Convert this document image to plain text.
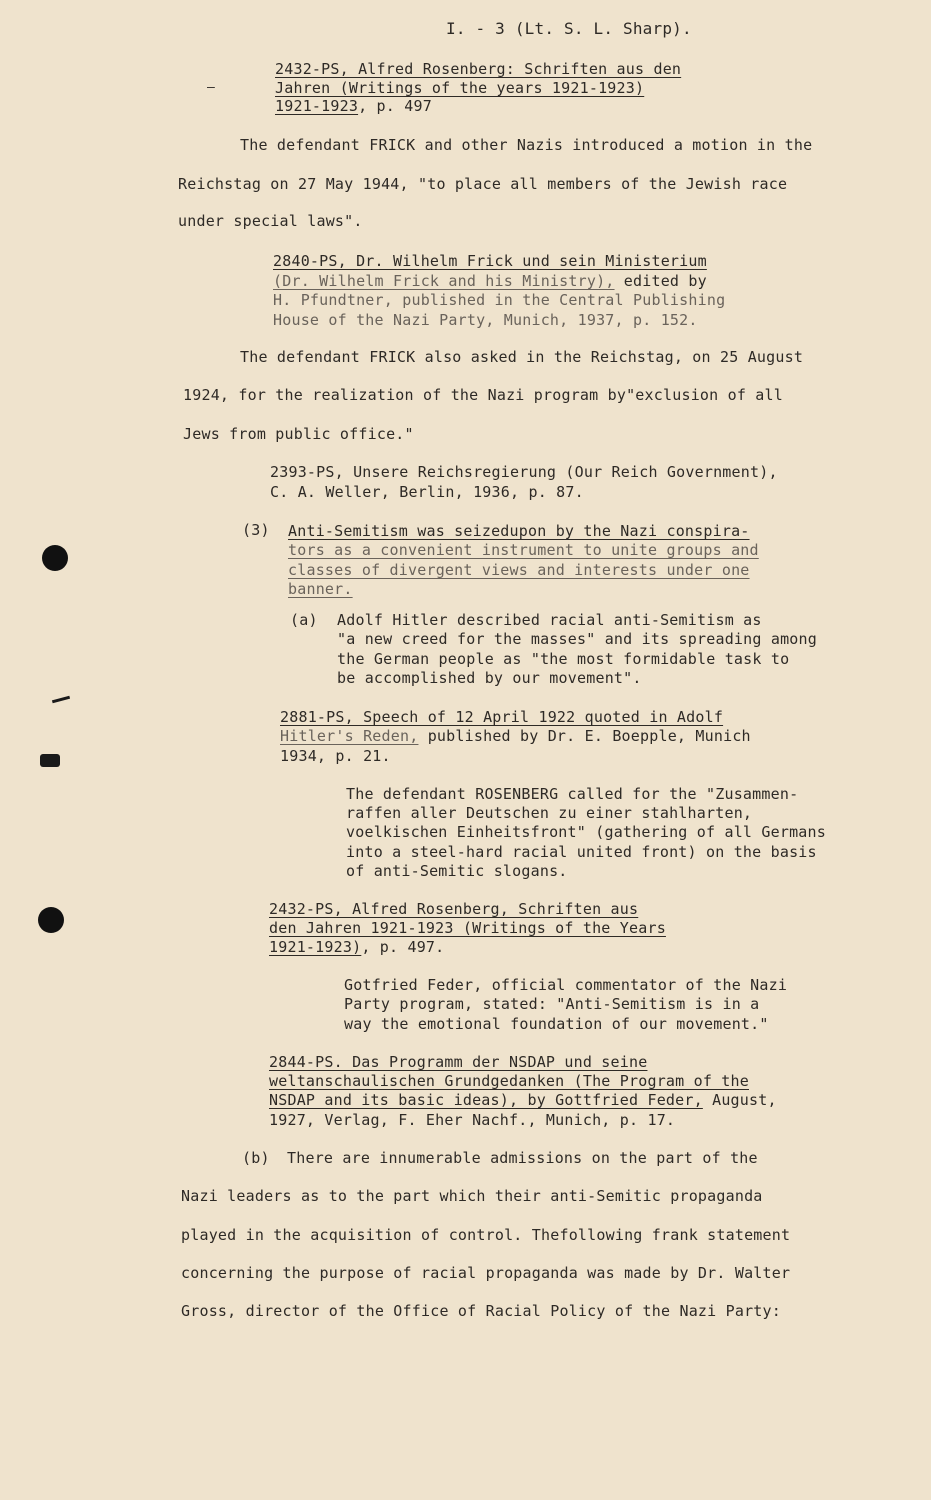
I. - 3 (Lt. S. L. Sharp).
–
2432-PS, Alfred Rosenberg: Schriften aus den
Jahren (Writings of the years 1921-1923)
1921-1923, p. 497
The defendant FRICK and other Nazis introduced a motion in the
Reichstag on 27 May 1944, "to place all members of the Jewish race
under special laws".
2840-PS, Dr. Wilhelm Frick und sein Ministerium
(Dr. Wilhelm Frick and his Ministry), edited by
H. Pfundtner, published in the Central Publishing
House of the Nazi Party, Munich, 1937, p. 152.
The defendant FRICK also asked in the Reichstag, on 25 August
1924, for the realization of the Nazi program by"exclusion of all
Jews from public office."
2393-PS, Unsere Reichsregierung (Our Reich Government),
C. A. Weller, Berlin, 1936, p. 87.
(3) Anti-Semitism was seizedupon by the Nazi conspira-
tors as a convenient instrument to unite groups and
classes of divergent views and interests under one
banner.
(a) Adolf Hitler described racial anti-Semitism as
"a new creed for the masses" and its spreading among
the German people as "the most formidable task to
be accomplished by our movement".
2881-PS, Speech of 12 April 1922 quoted in Adolf
Hitler's Reden, published by Dr. E. Boepple, Munich
1934, p. 21.
The defendant ROSENBERG called for the "Zusammen-
raffen aller Deutschen zu einer stahlharten,
voelkischen Einheitsfront" (gathering of all Germans
into a steel-hard racial united front) on the basis
of anti-Semitic slogans.
2432-PS, Alfred Rosenberg, Schriften aus
den Jahren 1921-1923 (Writings of the Years
1921-1923), p. 497.
Gotfried Feder, official commentator of the Nazi
Party program, stated: "Anti-Semitism is in a
way the emotional foundation of our movement."
2844-PS. Das Programm der NSDAP und seine
weltanschaulischen Grundgedanken (The Program of the
NSDAP and its basic ideas), by Gottfried Feder, August,
1927, Verlag, F. Eher Nachf., Munich, p. 17.
(b) There are innumerable admissions on the part of the
Nazi leaders as to the part which their anti-Semitic propaganda
played in the acquisition of control. Thefollowing frank statement
concerning the purpose of racial propaganda was made by Dr. Walter
Gross, director of the Office of Racial Policy of the Nazi Party:
